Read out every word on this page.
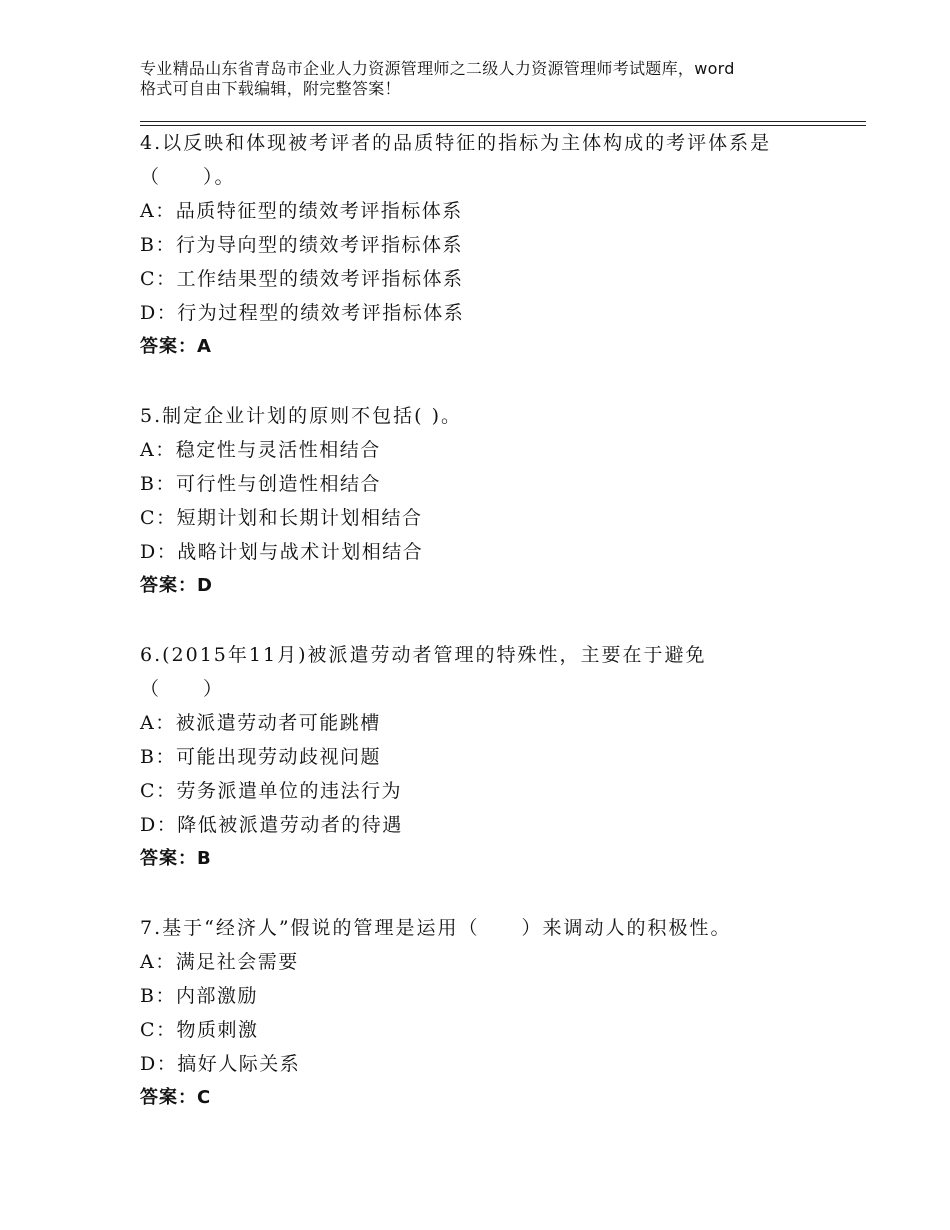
专业精品山东省青岛市企业人力资源管理师之二级人力资源管理师考试题库，word
格式可自由下载编辑，附完整答案！
4.以反映和体现被考评者的品质特征的指标为主体构成的考评体系是
（　　）。
A：品质特征型的绩效考评指标体系
B：行为导向型的绩效考评指标体系
C：工作结果型的绩效考评指标体系
D：行为过程型的绩效考评指标体系
答案：A
5.制定企业计划的原则不包括( )。
A：稳定性与灵活性相结合
B：可行性与创造性相结合
C：短期计划和长期计划相结合
D：战略计划与战术计划相结合
答案：D
6.(2015年11月)被派遣劳动者管理的特殊性，主要在于避免
（　　）
A：被派遣劳动者可能跳槽
B：可能出现劳动歧视问题
C：劳务派遣单位的违法行为
D：降低被派遣劳动者的待遇
答案：B
7.基于“经济人”假说的管理是运用（　　）来调动人的积极性。
A：满足社会需要
B：内部激励
C：物质刺激
D：搞好人际关系
答案：C
